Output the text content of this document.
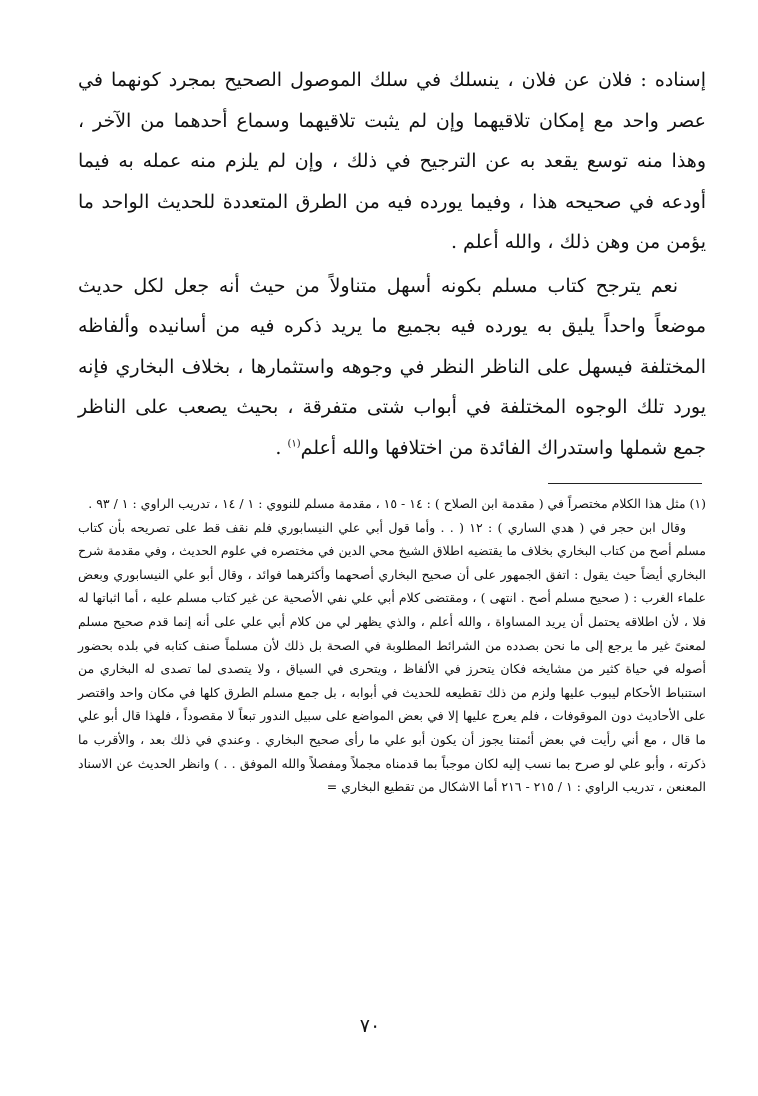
إسناده : فلان عن فلان ، ينسلك في سلك الموصول الصحيح بمجرد كونهما في عصر واحد مع إمكان تلاقيهما وإن لم يثبت تلاقيهما وسماع أحدهما من الآخر ، وهذا منه توسع يقعد به عن الترجيح في ذلك ، وإن لم يلزم منه عمله به فيما أودعه في صحيحه هذا ، وفيما يورده فيه من الطرق المتعددة للحديث الواحد ما يؤمن من وهن ذلك ، والله أعلم .

نعم يترجح كتاب مسلم بكونه أسهل متناولاً من حيث أنه جعل لكل حديث موضعاً واحداً يليق به يورده فيه بجميع ما يريد ذكره فيه من أسانيده وألفاظه المختلفة فيسهل على الناظر النظر في وجوهه واستثمارها ، بخلاف البخاري فإنه يورد تلك الوجوه المختلفة في أبواب شتى متفرقة ، بحيث يصعب على الناظر جمع شملها واستدراك الفائدة من اختلافها والله أعلم$^{(١)}$ .

(١) مثل هذا الكلام مختصراً في ( مقدمة ابن الصلاح ) : ١٤ - ١٥ ، مقدمة مسلم للنووي : ١ / ١٤ ، تدريب الراوي : ١ / ٩٣ .

وقال ابن حجر في ( هدي الساري ) : ١٢ ( . . وأما قول أبي علي النيسابوري فلم نقف قط على تصريحه بأن كتاب مسلم أصح من كتاب البخاري بخلاف ما يقتضيه اطلاق الشيخ محي الدين في مختصره في علوم الحديث ، وفي مقدمة شرح البخاري أيضاً حيث يقول : اتفق الجمهور على أن صحيح البخاري أصحهما وأكثرهما فوائد ، وقال أبو علي النيسابوري وبعض علماء الغرب : ( صحيح مسلم أصح . انتهى ) ، ومقتضى كلام أبي علي نفي الأصحية عن غير كتاب مسلم عليه ، أما اثباتها له فلا ، لأن اطلاقه يحتمل أن يريد المساواة ، والله أعلم ، والذي يظهر لي من كلام أبي علي على أنه إنما قدم صحيح مسلم لمعنىً غير ما يرجع إلى ما نحن بصدده من الشرائط المطلوبة في الصحة بل ذلك لأن مسلماً صنف كتابه في بلده بحضور أصوله في حياة كثير من مشايخه فكان يتحرز في الألفاظ ، ويتحرى في السياق ، ولا يتصدى لما تصدى له البخاري من استنباط الأحكام ليبوب عليها ولزم من ذلك تقطيعه للحديث في أبوابه ، بل جمع مسلم الطرق كلها في مكان واحد واقتصر على الأحاديث دون الموقوفات ، فلم يعرج عليها إلا في بعض المواضع على سبيل الندور تبعاً لا مقصوداً ، فلهذا قال أبو علي ما قال ، مع أني رأيت في بعض أئمتنا يجوز أن يكون أبو علي ما رأى صحيح البخاري . وعندي في ذلك بعد ، والأقرب ما ذكرته ، وأبو علي لو صرح بما نسب إليه لكان موجباً بما قدمناه مجملاً ومفصلاً والله الموفق . . ) وانظر الحديث عن الاسناد المعنعن ، تدريب الراوي : ١ / ٢١٥ - ٢١٦ أما الاشكال من تقطيع البخاري =

٧٠
